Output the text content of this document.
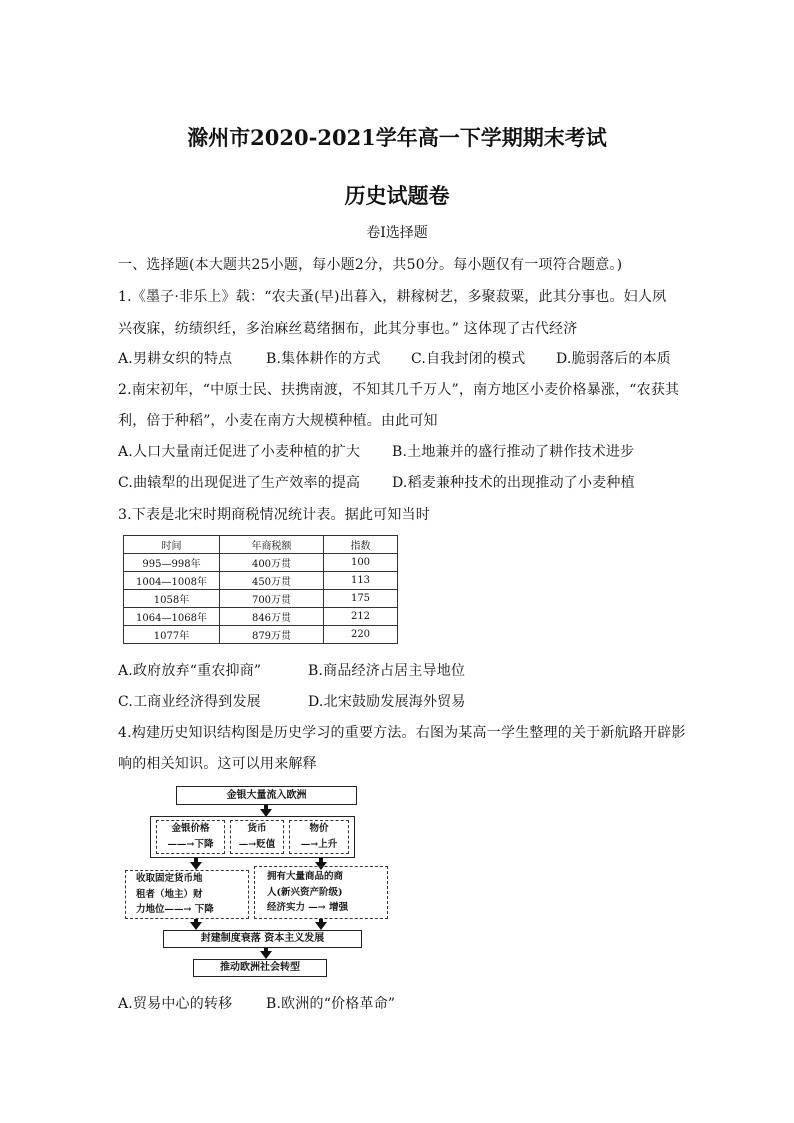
滁州市2020-2021学年高一下学期期末考试
历史试题卷
卷Ⅰ选择题
一、选择题(本大题共25小题，每小题2分，共50分。每小题仅有一项符合题意。)
1.《墨子·非乐上》载：“农夫蚤(早)出暮入，耕稼树艺，多聚菽粟，此其分事也。妇人夙
兴夜寐，纺绩织纴，多治麻丝葛绪捆布，此其分事也。” 这体现了古代经济
A.男耕女织的特点 B.集体耕作的方式 C.自我封闭的模式 D.脆弱落后的本质
2.南宋初年，“中原士民、扶携南渡，不知其几千万人”，南方地区小麦价格暴涨，“农获其
利，倍于种稻”，小麦在南方大规模种植。由此可知
A.人口大量南迁促进了小麦种植的扩大 B.土地兼并的盛行推动了耕作技术进步
C.曲辕犁的出现促进了生产效率的提高 D.稻麦兼种技术的出现推动了小麦种植
3.下表是北宋时期商税情况统计表。据此可知当时
时间	年商税额	指数
995—998年	400万贯	100
1004—1008年	450万贯	113
1058年	700万贯	175
1064—1068年	846万贯	212
1077年	879万贯	220
A.政府放弃“重农抑商”	B.商品经济占居主导地位
C.工商业经济得到发展	D.北宋鼓励发展海外贸易
4.构建历史知识结构图是历史学习的重要方法。右图为某高一学生整理的关于新航路开辟影
响的相关知识。这可以用来解释
金银大量流入欧洲
金银价格
——→下降
货币
—→贬值
物价
—→上升
收取固定货币地
租者（地主）财
力地位——→ 下降
拥有大量商品的商
人(新兴资产阶级)
经济实力 —→ 增强
封建制度衰落 资本主义发展
推动欧洲社会转型
A.贸易中心的转移 B.欧洲的“价格革命”
